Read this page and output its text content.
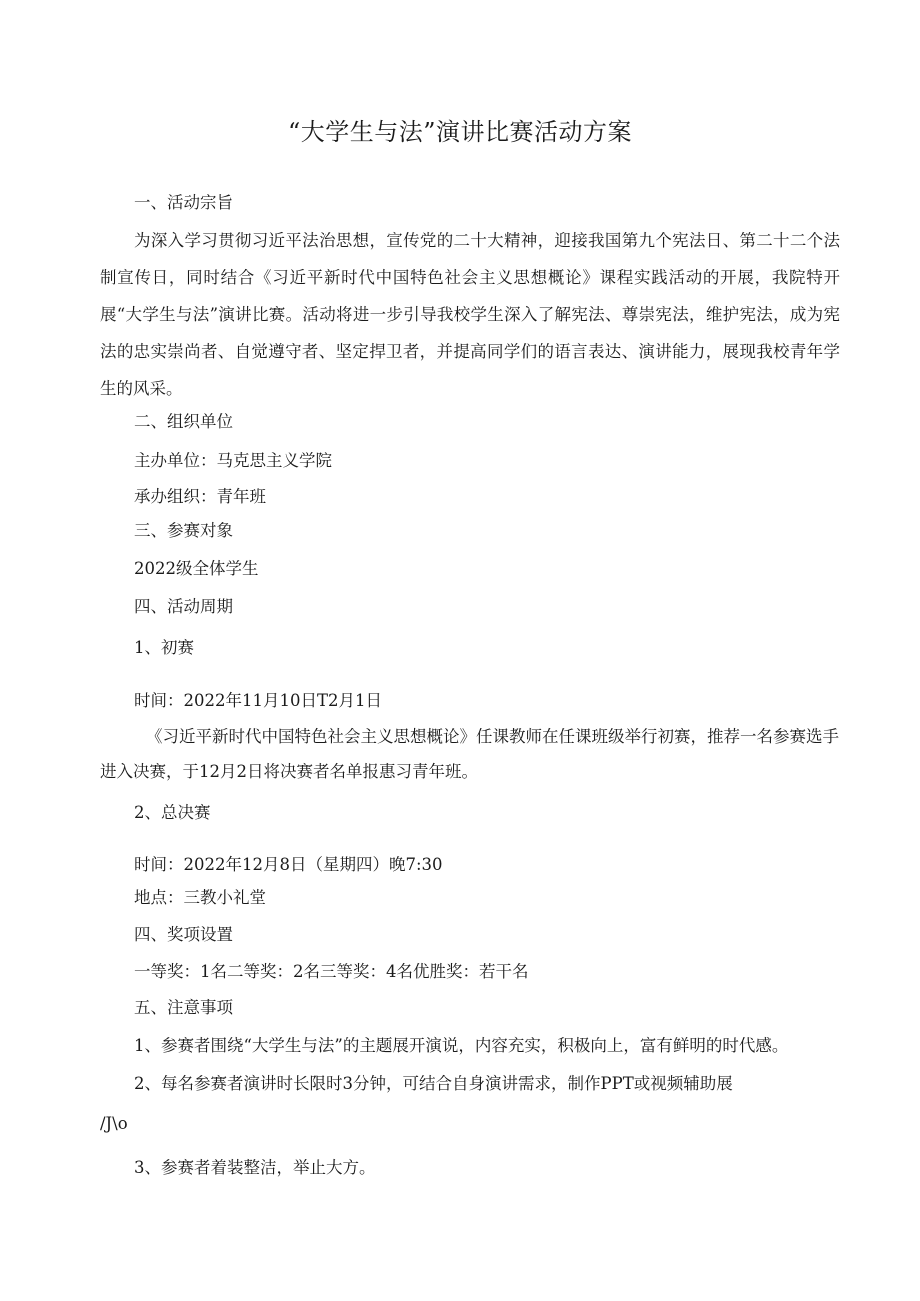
“大学生与法”演讲比赛活动方案
一、活动宗旨
为深入学习贯彻习近平法治思想，宣传党的二十大精神，迎接我国第九个宪法日、第二十二个法制宣传日，同时结合《习近平新时代中国特色社会主义思想概论》课程实践活动的开展，我院特开展“大学生与法”演讲比赛。活动将进一步引导我校学生深入了解宪法、尊崇宪法，维护宪法，成为宪法的忠实崇尚者、自觉遵守者、坚定捍卫者，并提高同学们的语言表达、演讲能力，展现我校青年学生的风采。
二、组织单位
主办单位：马克思主义学院
承办组织：青年班
三、参赛对象
2022级全体学生
四、活动周期
1、初赛
时间：2022年11月10日T2月1日
《习近平新时代中国特色社会主义思想概论》任课教师在任课班级举行初赛，推荐一名参赛选手进入决赛，于12月2日将决赛者名单报惠习青年班。
2、总决赛
时间：2022年12月8日（星期四）晚7:30
地点：三教小礼堂
四、奖项设置
一等奖：1名二等奖：2名三等奖：4名优胜奖：若干名
五、注意事项
1、参赛者围绕“大学生与法”的主题展开演说，内容充实，积极向上，富有鲜明的时代感。
2、每名参赛者演讲时长限时3分钟，可结合自身演讲需求，制作PPT或视频辅助展
/J\o
3、参赛者着装整洁，举止大方。
